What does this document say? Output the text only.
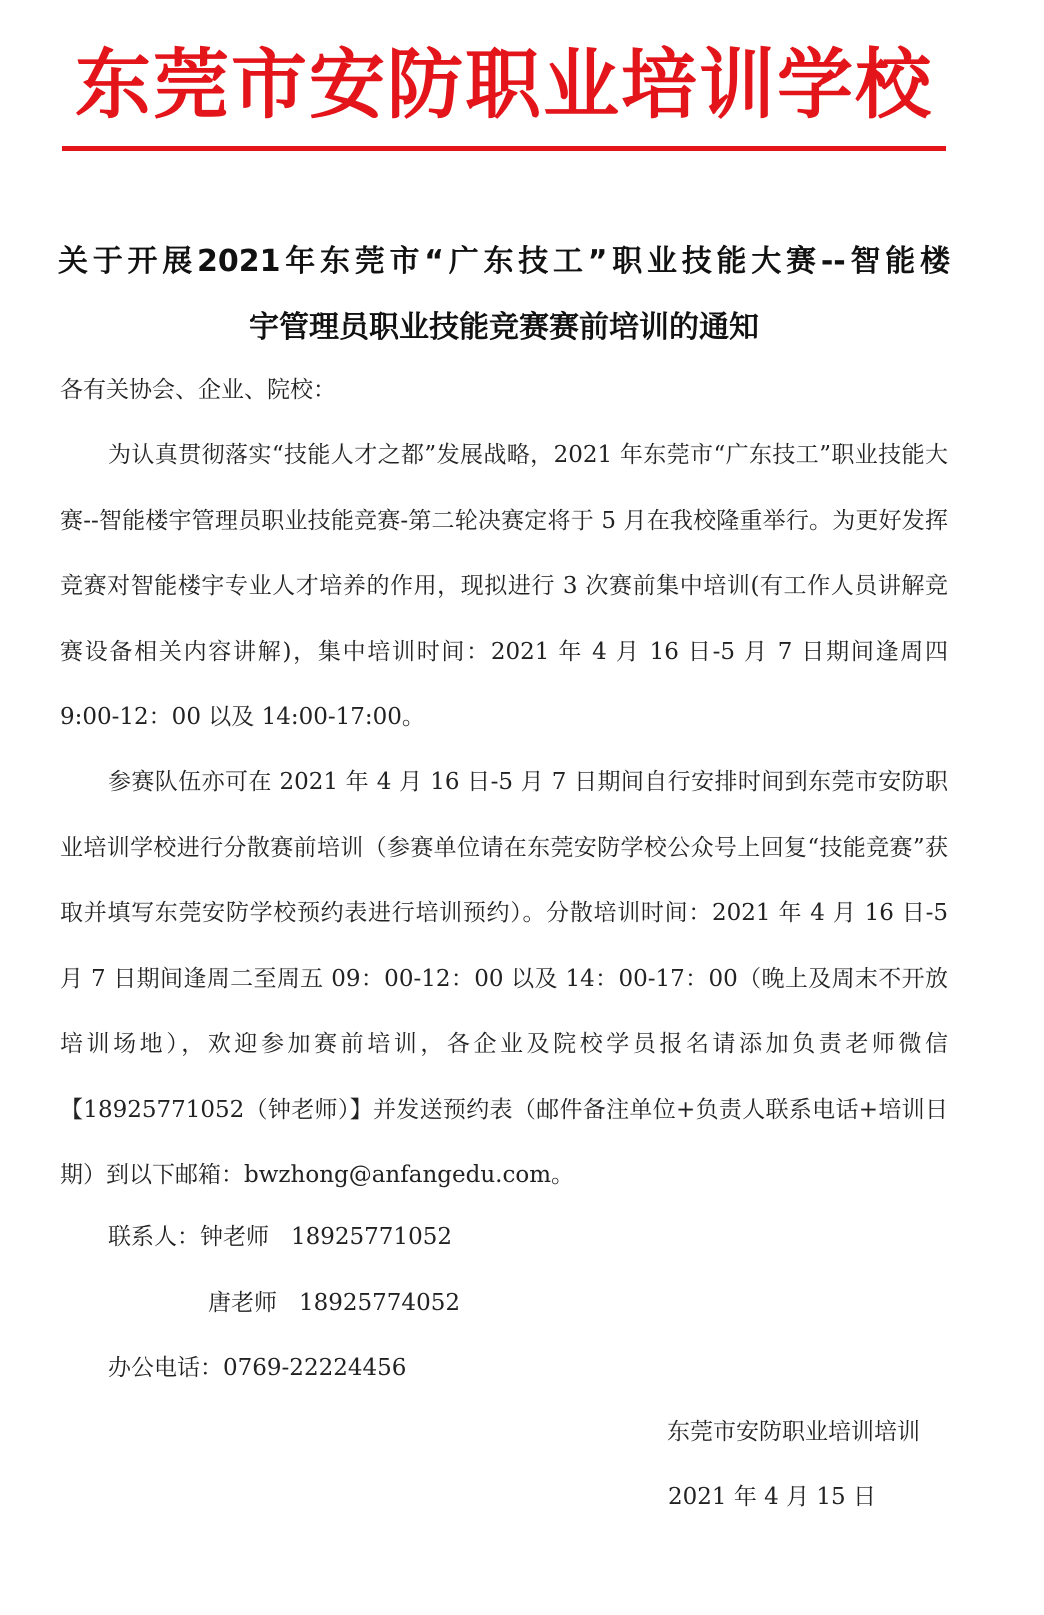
东莞市安防职业培训学校
关于开展2021年东莞市“广东技工”职业技能大赛--智能楼
宇管理员职业技能竞赛赛前培训的通知
各有关协会、企业、院校：
为认真贯彻落实“技能人才之都”发展战略，2021 年东莞市“广东技工”职业技能大赛--智能楼宇管理员职业技能竞赛-第二轮决赛定将于 5 月在我校隆重举行。为更好发挥竞赛对智能楼宇专业人才培养的作用，现拟进行 3 次赛前集中培训(有工作人员讲解竞赛设备相关内容讲解)，集中培训时间：2021 年 4 月 16 日-5 月 7 日期间逢周四 9:00-12：00 以及 14:00-17:00。
参赛队伍亦可在 2021 年 4 月 16 日-5 月 7 日期间自行安排时间到东莞市安防职业培训学校进行分散赛前培训（参赛单位请在东莞安防学校公众号上回复“技能竞赛”获取并填写东莞安防学校预约表进行培训预约）。分散培训时间：2021 年 4 月 16 日-5 月 7 日期间逢周二至周五 09：00-12：00 以及 14：00-17：00（晚上及周末不开放培训场地），欢迎参加赛前培训，各企业及院校学员报名请添加负责老师微信【18925771052（钟老师）】并发送预约表（邮件备注单位+负责人联系电话+培训日期）到以下邮箱：bwzhong@anfangedu.com。
联系人：钟老师 18925771052
唐老师 18925774052
办公电话：0769-22224456
东莞市安防职业培训培训
2021 年 4 月 15 日
